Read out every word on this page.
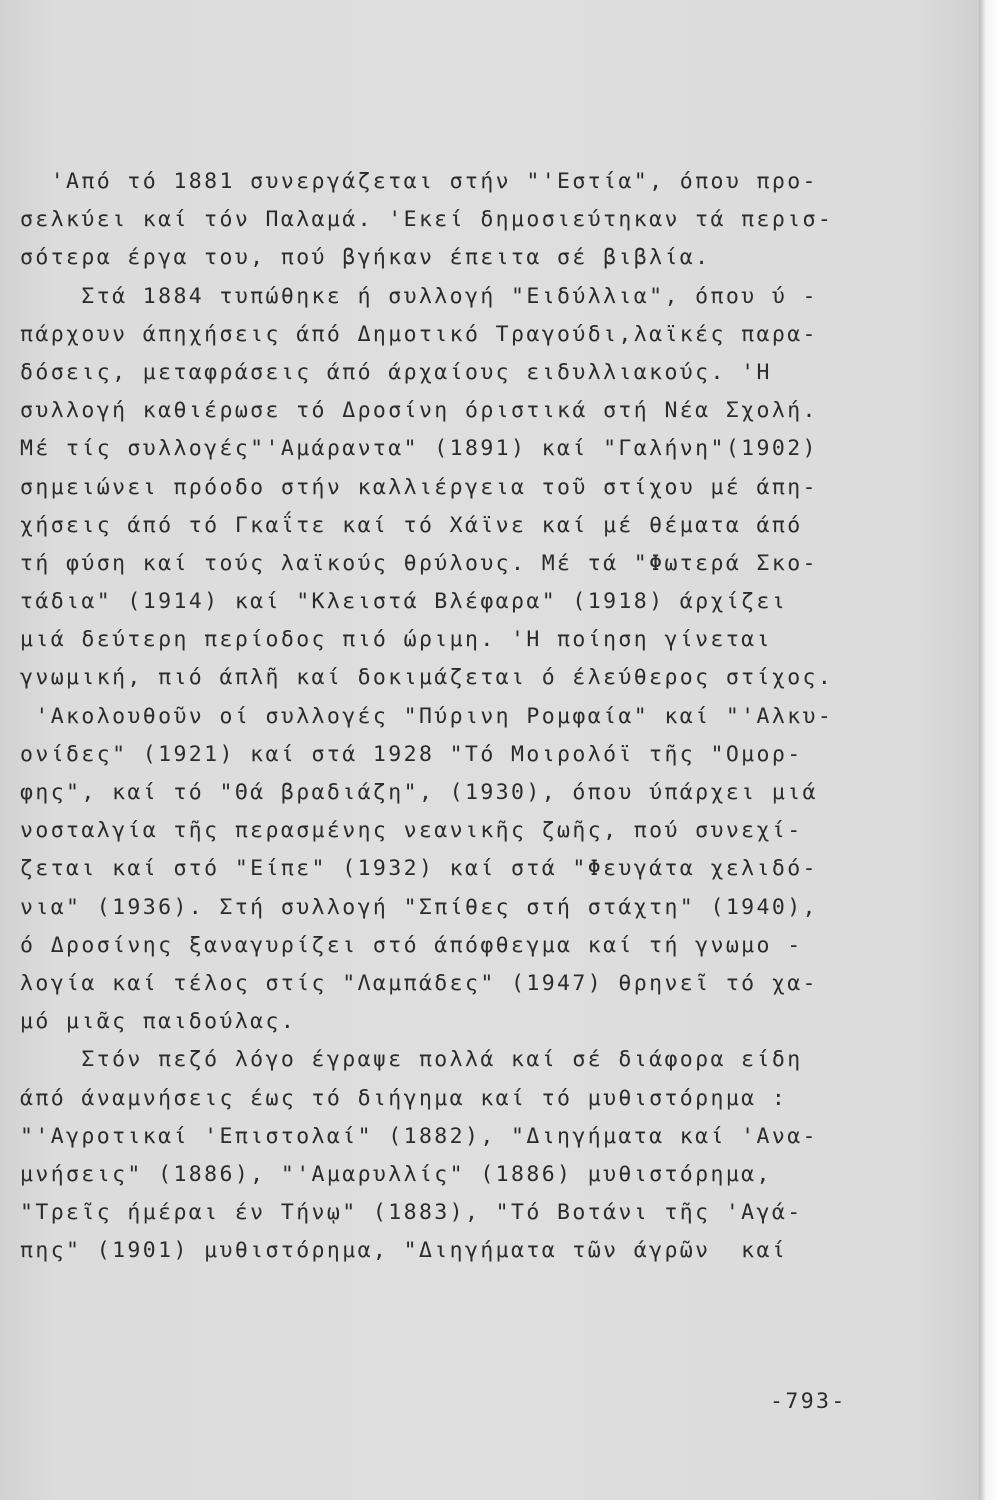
'Από τό 1881 συνεργάζεται στήν "'Εστία", όπου προ-
σελκύει καί τόν Παλαμά. 'Εκεί δημοσιεύτηκαν τά περισ-
σότερα έργα του, πού βγήκαν έπειτα σέ βιβλία.
Στά 1884 τυπώθηκε ή συλλογή "Ειδύλλια", όπου ύ -
πάρχουν άπηχήσεις άπό Δημοτικό Τραγούδι,λαϊκές παρα-
δόσεις, μεταφράσεις άπό άρχαίους ειδυλλιακούς. 'Η
συλλογή καθιέρωσε τό Δροσίνη όριστικά στή Νέα Σχολή.
Μέ τίς συλλογές"'Αμάραντα" (1891) καί "Γαλήνη"(1902)
σημειώνει πρόοδο στήν καλλιέργεια τοῦ στίχου μέ άπη-
χήσεις άπό τό Γκαΐτε καί τό Χάϊνε καί μέ θέματα άπό
τή φύση καί τούς λαϊκούς θρύλους. Μέ τά "Φωτερά Σκο-
τάδια" (1914) καί "Κλειστά Βλέφαρα" (1918) άρχίζει
μιά δεύτερη περίοδος πιό ώριμη. 'Η ποίηση γίνεται
γνωμική, πιό άπλῆ καί δοκιμάζεται ό έλεύθερος στίχος.
'Ακολουθοῦν οί συλλογές "Πύρινη Ρομφαία" καί "'Αλκυ-
ονίδες" (1921) καί στά 1928 "Τό Μοιρολόϊ τῆς "Ομορ-
φης", καί τό "Θά βραδιάζη", (1930), όπου ύπάρχει μιά
νοσταλγία τῆς περασμένης νεανικῆς ζωῆς, πού συνεχί-
ζεται καί στό "Είπε" (1932) καί στά "Φευγάτα χελιδό-
νια" (1936). Στή συλλογή "Σπίθες στή στάχτη" (1940),
ό Δροσίνης ξαναγυρίζει στό άπόφθεγμα καί τή γνωμο -
λογία καί τέλος στίς "Λαμπάδες" (1947) θρηνεῖ τό χα-
μό μιᾶς παιδούλας.
Στόν πεζό λόγο έγραψε πολλά καί σέ διάφορα είδη
άπό άναμνήσεις έως τό διήγημα καί τό μυθιστόρημα :
"'Αγροτικαί 'Επιστολαί" (1882), "Διηγήματα καί 'Ανα-
μνήσεις" (1886), "'Αμαρυλλίς" (1886) μυθιστόρημα,
"Τρεῖς ήμέραι έν Τήνῳ" (1883), "Τό Βοτάνι τῆς 'Αγά-
πης" (1901) μυθιστόρημα, "Διηγήματα τῶν άγρῶν  καί
-793-
